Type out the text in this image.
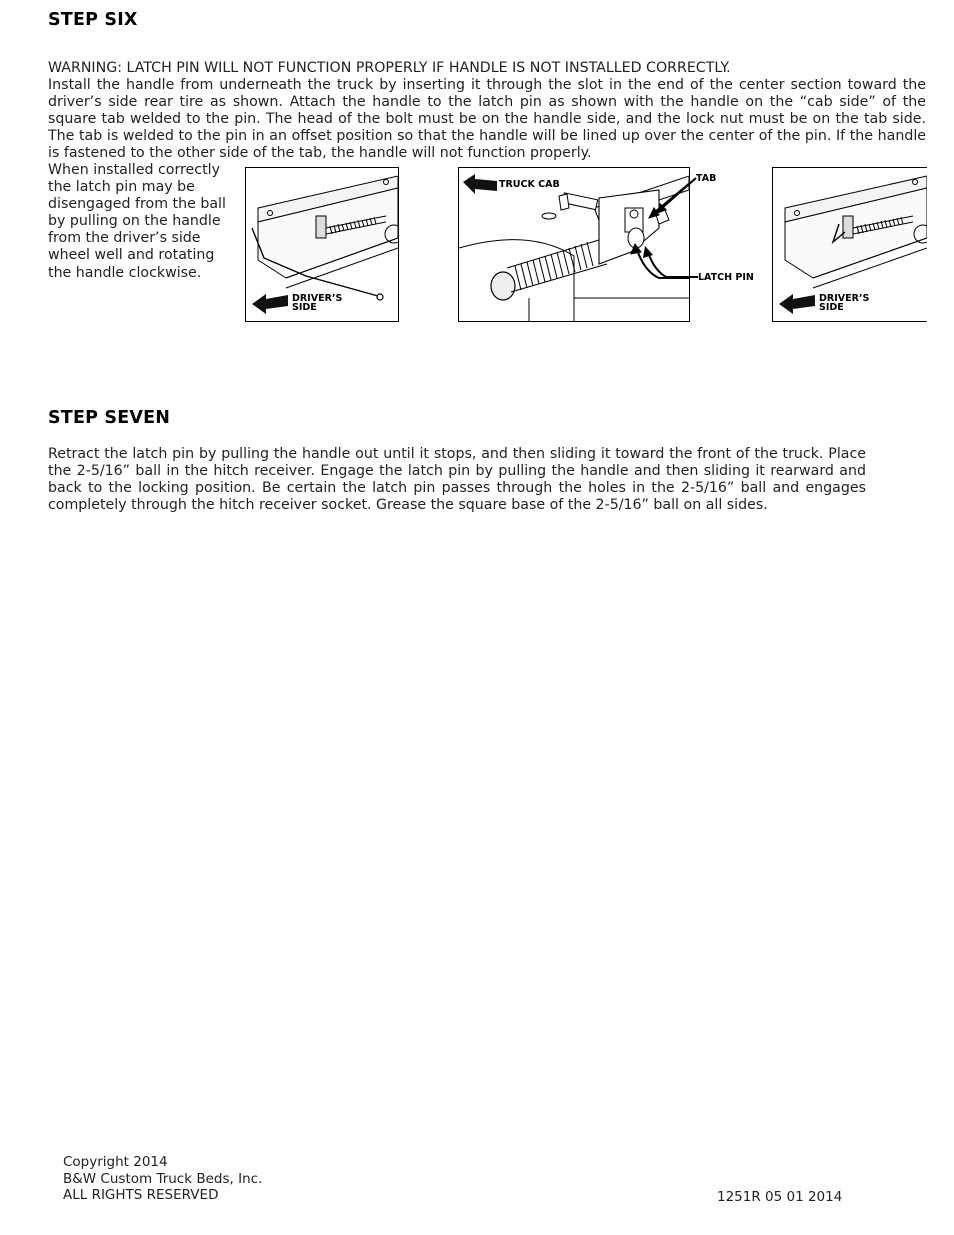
STEP SIX

WARNING: LATCH PIN WILL NOT FUNCTION PROPERLY IF HANDLE IS NOT INSTALLED CORRECTLY.

Install the handle from underneath the truck by inserting it through the slot in the end of the center section toward the driver’s side rear tire as shown. Attach the handle to the latch pin as shown with the handle on the “cab side” of the square tab welded to the pin. The head of the bolt must be on the handle side, and the lock nut must be on the tab side. The tab is welded to the pin in an offset position so that the handle will be lined up over the center of the pin. If the handle is fastened to the other side of the tab, the handle will not function properly.

When installed correctly the latch pin may be disengaged from the ball by pulling on the handle from the driver’s side wheel well and rotating the handle clockwise.

DRIVER’S
SIDE
TRUCK CAB
TAB
LATCH PIN
DRIVER’S
SIDE
STEP SEVEN

Retract the latch pin by pulling the handle out until it stops, and then sliding it toward the front of the truck. Place the 2-5/16” ball in the hitch receiver. Engage the latch pin by pulling the handle and then sliding it rearward and back to the locking position. Be certain the latch pin passes through the holes in the 2-5/16” ball and engages completely through the hitch receiver socket. Grease the square base of the 2-5/16” ball on all sides.

Copyright 2014
B&W Custom Truck Beds, Inc.
ALL RIGHTS RESERVED	1251R 05 01 2014
